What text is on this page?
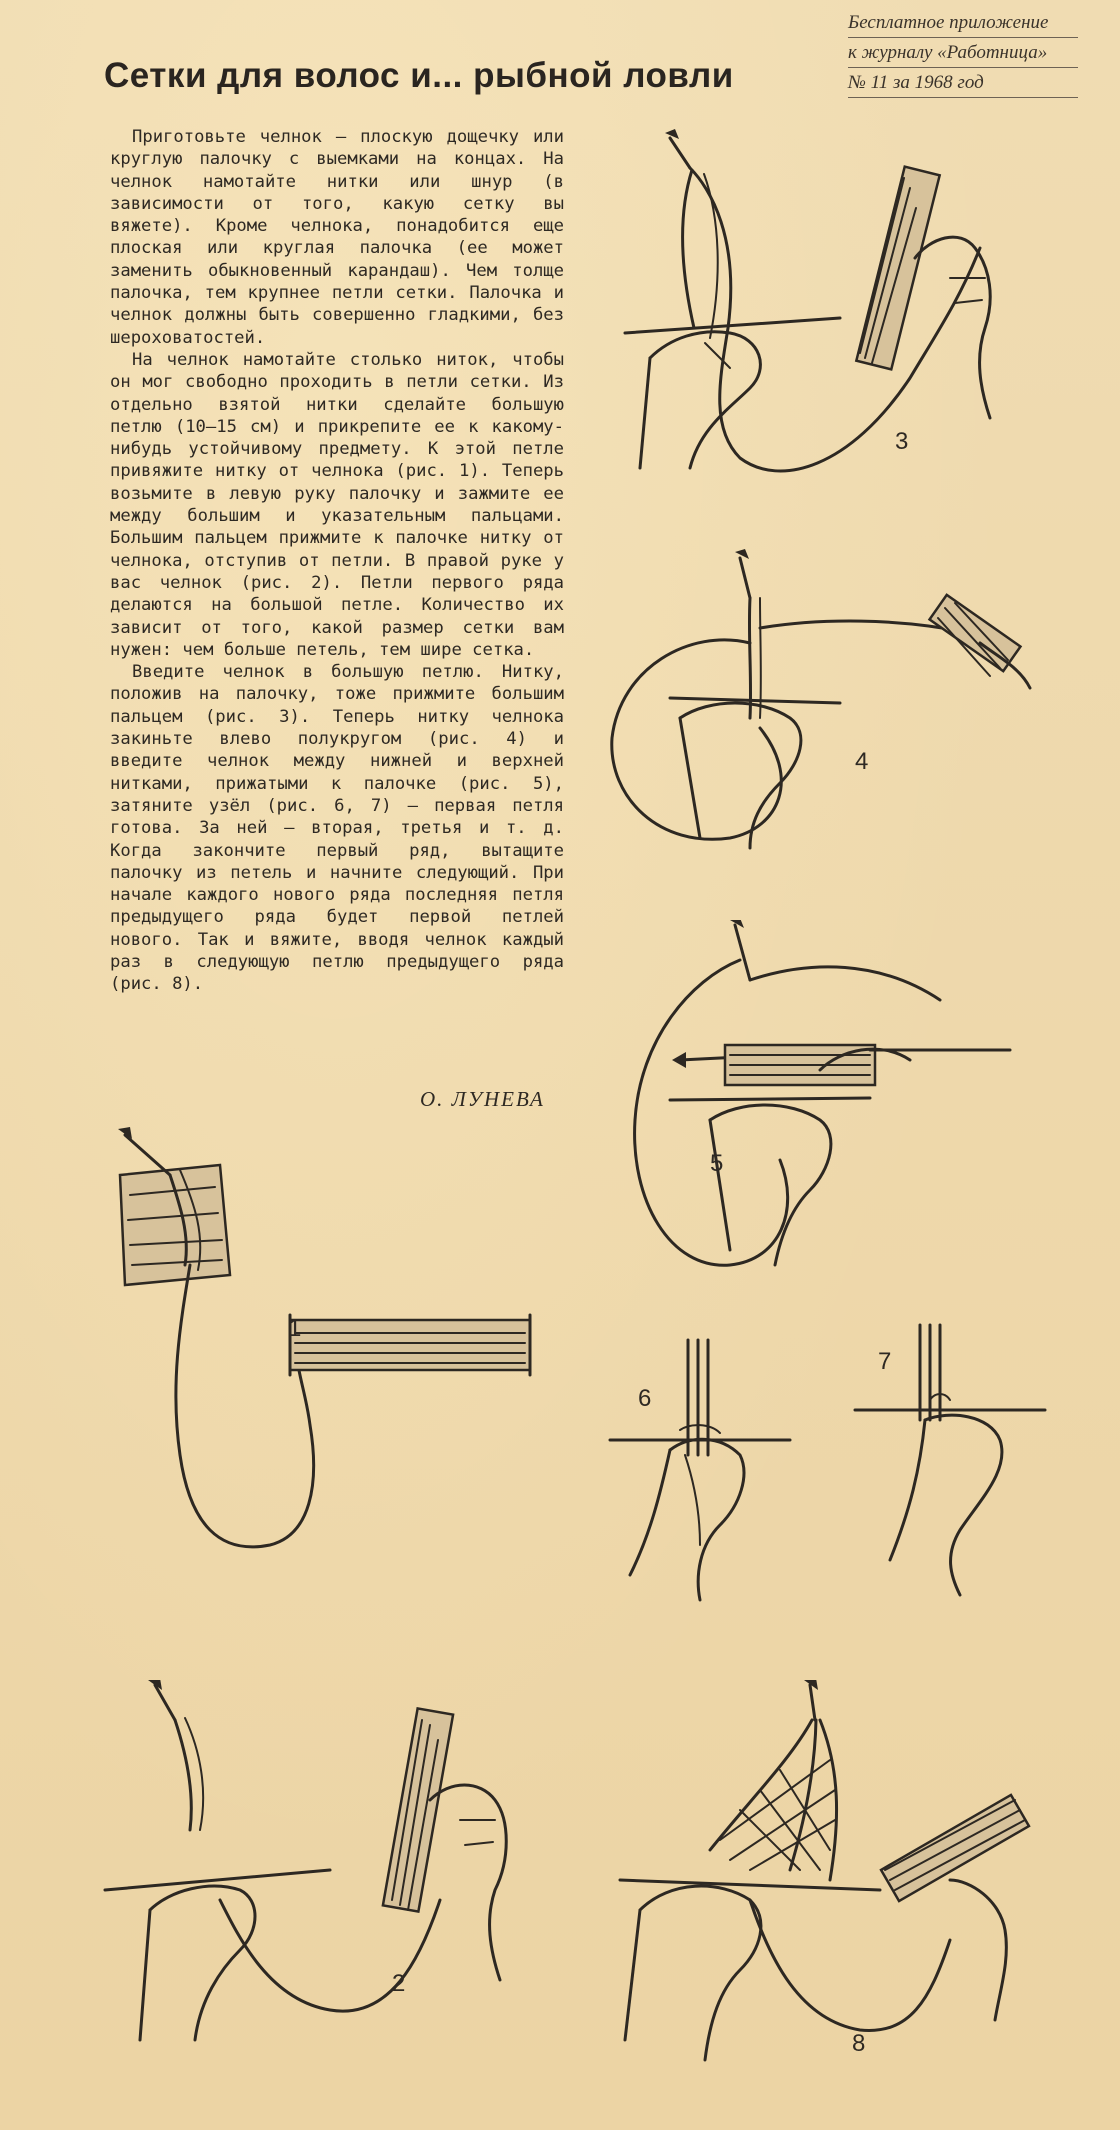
Бесплатное приложение
к журналу «Работница»
№ 11 за 1968 год
Сетки для волос и... рыбной ловли

Приготовьте челнок — плоскую дощечку или круглую палочку с выемками на концах. На челнок намотайте нитки или шнур (в зависимости от того, какую сетку вы вяжете). Кроме челнока, понадобится еще плоская или круглая палочка (ее может заменить обыкновенный карандаш). Чем толще палочка, тем крупнее петли сетки. Палочка и челнок должны быть совершенно гладкими, без шероховатостей.

На челнок намотайте столько ниток, чтобы он мог свободно проходить в петли сетки. Из отдельно взятой нитки сделайте большую петлю (10—15 см) и прикрепите ее к какому-нибудь устойчивому предмету. К этой петле привяжите нитку от челнока (рис. 1). Теперь возьмите в левую руку палочку и зажмите ее между большим и указательным пальцами. Большим пальцем прижмите к палочке нитку от челнока, отступив от петли. В правой руке у вас челнок (рис. 2). Петли первого ряда делаются на большой петле. Количество их зависит от того, какой размер сетки вам нужен: чем больше петель, тем шире сетка.

Введите челнок в большую петлю. Нитку, положив на палочку, тоже прижмите большим пальцем (рис. 3). Теперь нитку челнока закиньте влево полукругом (рис. 4) и введите челнок между нижней и верхней нитками, прижатыми к палочке (рис. 5), затяните узёл (рис. 6, 7) — первая петля готова. За ней — вторая, третья и т. д. Когда закончите первый ряд, вытащите палочку из петель и начните следующий. При начале каждого нового ряда последняя петля предыдущего ряда будет первой петлей нового. Так и вяжите, вводя челнок каждый раз в следующую петлю предыдущего ряда (рис. 8).

О. ЛУНЕВА
3
4
5
1
6
7
2
8
